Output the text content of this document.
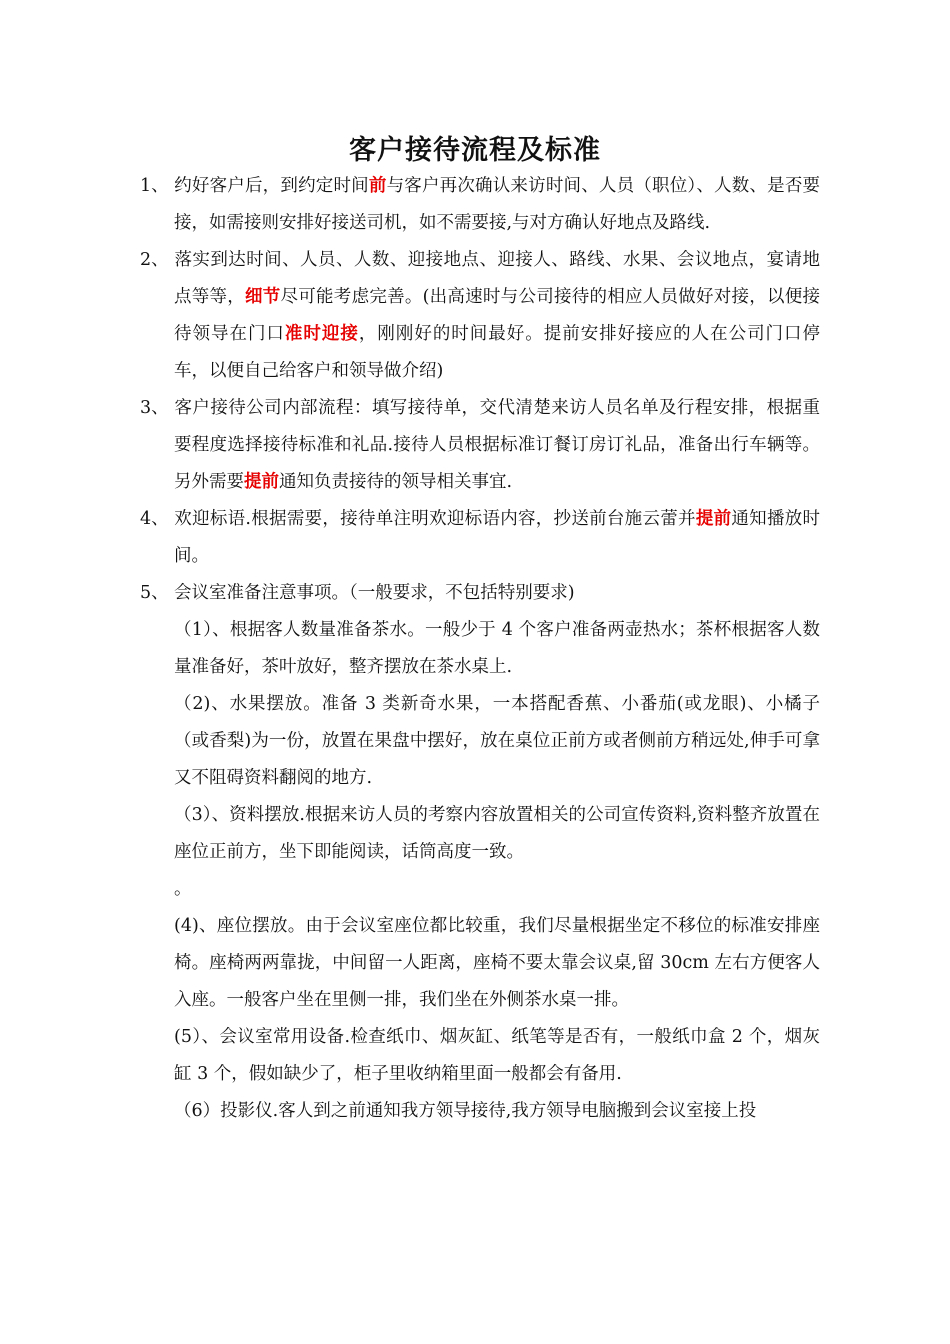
客户接待流程及标准
1、 约好客户后，到约定时间前与客户再次确认来访时间、人员（职位）、人数、是否要接，如需接则安排好接送司机，如不需要接,与对方确认好地点及路线.
2、 落实到达时间、人员、人数、迎接地点、迎接人、路线、水果、会议地点，宴请地点等等，细节尽可能考虑完善。(出高速时与公司接待的相应人员做好对接，以便接待领导在门口准时迎接，刚刚好的时间最好。提前安排好接应的人在公司门口停车，以便自己给客户和领导做介绍)
3、 客户接待公司内部流程：填写接待单，交代清楚来访人员名单及行程安排，根据重要程度选择接待标准和礼品.接待人员根据标准订餐订房订礼品，准备出行车辆等。另外需要提前通知负责接待的领导相关事宜.
4、 欢迎标语.根据需要，接待单注明欢迎标语内容，抄送前台施云蕾并提前通知播放时间。
5、 会议室准备注意事项。（一般要求，不包括特别要求)
（1）、根据客人数量准备茶水。一般少于 4 个客户准备两壶热水；茶杯根据客人数量准备好，茶叶放好，整齐摆放在茶水桌上.
（2)、水果摆放。准备 3 类新奇水果，一本搭配香蕉、小番茄(或龙眼)、小橘子（或香梨)为一份，放置在果盘中摆好，放在桌位正前方或者侧前方稍远处,伸手可拿又不阻碍资料翻阅的地方.
（3）、资料摆放.根据来访人员的考察内容放置相关的公司宣传资料,资料整齐放置在座位正前方，坐下即能阅读，话筒高度一致。
。
(4)、座位摆放。由于会议室座位都比较重，我们尽量根据坐定不移位的标准安排座椅。座椅两两靠拢，中间留一人距离，座椅不要太靠会议桌,留 30cm 左右方便客人入座。一般客户坐在里侧一排，我们坐在外侧茶水桌一排。
(5）、会议室常用设备.检查纸巾、烟灰缸、纸笔等是否有，一般纸巾盒 2 个，烟灰缸 3 个，假如缺少了，柜子里收纳箱里面一般都会有备用.
（6）投影仪.客人到之前通知我方领导接待,我方领导电脑搬到会议室接上投
